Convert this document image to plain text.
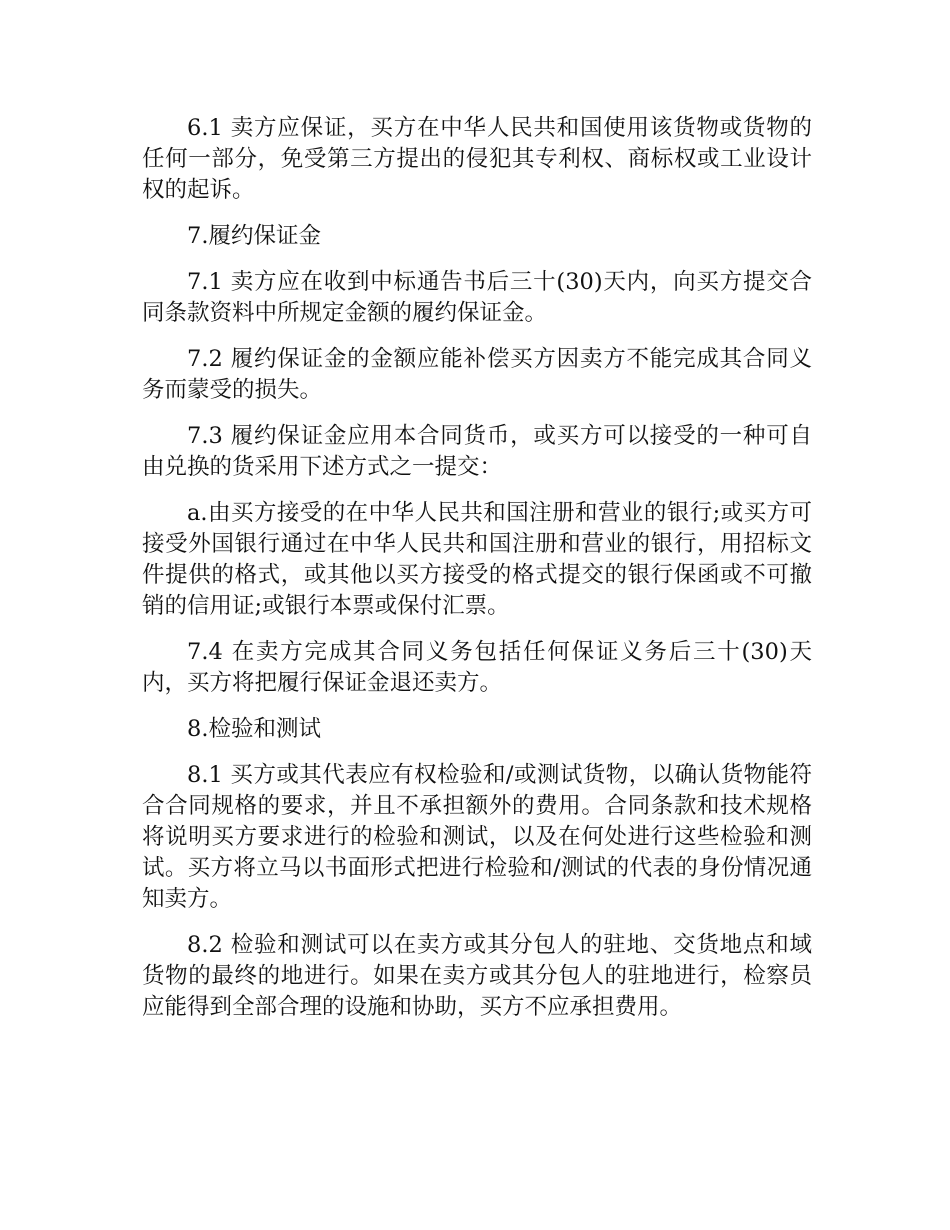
6.1 卖方应保证，买方在中华人民共和国使用该货物或货物的任何一部分，免受第三方提出的侵犯其专利权、商标权或工业设计权的起诉。

7.履约保证金

7.1 卖方应在收到中标通告书后三十(30)天内，向买方提交合同条款资料中所规定金额的履约保证金。

7.2 履约保证金的金额应能补偿买方因卖方不能完成其合同义务而蒙受的损失。

7.3 履约保证金应用本合同货币，或买方可以接受的一种可自由兑换的货采用下述方式之一提交：

a.由买方接受的在中华人民共和国注册和营业的银行;或买方可接受外国银行通过在中华人民共和国注册和营业的银行，用招标文件提供的格式，或其他以买方接受的格式提交的银行保函或不可撤销的信用证;或银行本票或保付汇票。

7.4 在卖方完成其合同义务包括任何保证义务后三十(30)天内，买方将把履行保证金退还卖方。

8.检验和测试

8.1 买方或其代表应有权检验和/或测试货物，以确认货物能符合合同规格的要求，并且不承担额外的费用。合同条款和技术规格将说明买方要求进行的检验和测试，以及在何处进行这些检验和测试。买方将立马以书面形式把进行检验和/测试的代表的身份情况通知卖方。

8.2 检验和测试可以在卖方或其分包人的驻地、交货地点和域货物的最终的地进行。如果在卖方或其分包人的驻地进行，检察员应能得到全部合理的设施和协助，买方不应承担费用。
